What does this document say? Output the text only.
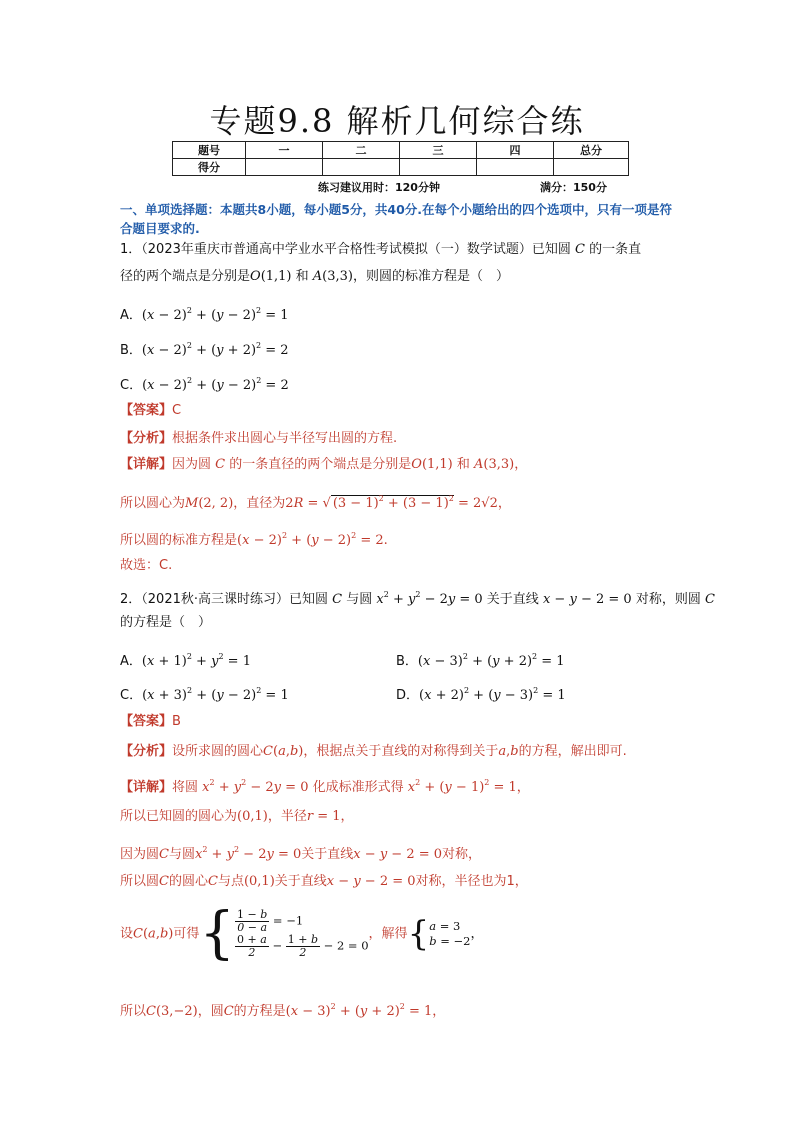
专题9.8 解析几何综合练
题号	一	二	三	四	总分
得分					
练习建议用时：120分钟	满分：150分
一、单项选择题：本题共8小题，每小题5分，共40分.在每个小题给出的四个选项中，只有一项是符合题目要求的.
1．（2023年重庆市普通高中学业水平合格性考试模拟（一）数学试题）已知圆 C 的一条直
径的两个端点是分别是O(1,1) 和 A(3,3)，则圆的标准方程是（　）
A．$(x - 2)^2 + (y - 2)^2 = 1$
B．$(x - 2)^2 + (y + 2)^2 = 2$
C．$(x - 2)^2 + (y - 2)^2 = 2$
【答案】C
【分析】根据条件求出圆心与半径写出圆的方程.
【详解】因为圆 C 的一条直径的两个端点是分别是O(1,1) 和 A(3,3)，
所以圆心为M(2, 2)，直径为2R = √ $(3 - 1)^2 + (3 - 1)^2 = 2√2$，
所以圆的标准方程是$(x - 2)^2 + (y - 2)^2 = 2$.
故选：C.
2．（2021秋·高三课时练习）已知圆 C 与圆 $x^2 + y^2 - 2y = 0$ 关于直线 x − y − 2 = 0 对称，则圆 C
的方程是（　）
A．$(x + 1)^2 + y^2 = 1$	B．$(x - 3)^2 + (y + 2)^2 = 1$
C．$(x + 3)^2 + (y - 2)^2 = 1$	D．$(x + 2)^2 + (y - 3)^2 = 1$
【答案】B
【分析】设所求圆的圆心C(a,b)，根据点关于直线的对称得到关于a,b的方程，解出即可.
【详解】将圆 $x^2 + y^2 - 2y = 0$ 化成标准形式得 $x^2 + (y - 1)^2 = 1$，
所以已知圆的圆心为(0,1)，半径r = 1，
因为圆C与圆$x^2 + y^2 - 2y = 0$关于直线x − y − 2 = 0对称，
所以圆C的圆心C与点(0,1)关于直线x − y − 2 = 0对称，半径也为1，
设C(a,b)可得{ $\frac{1 - b}{0 - a} = -1$

$\frac{0 + a}{2} - \frac{1 + b}{2} - 2 = 0$，解得{a = 3
b = −2，
所以C(3,−2)，圆C的方程是$(x - 3)^2 + (y + 2)^2 = 1$，
